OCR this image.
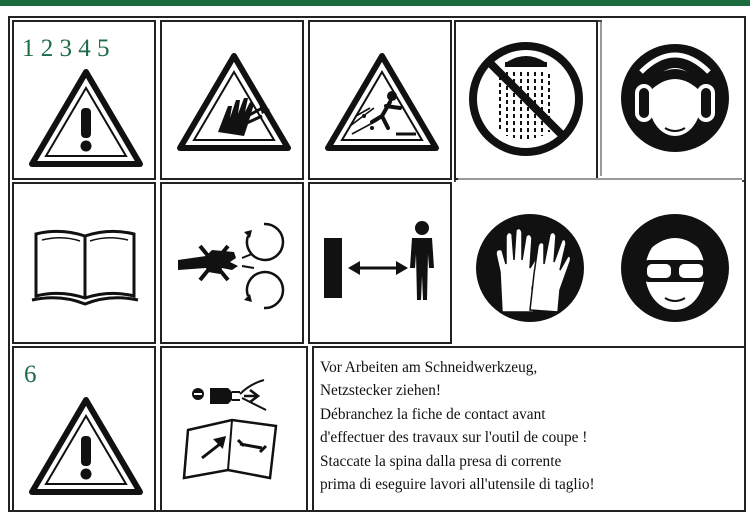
1 2 3 4 5
6	Vor Arbeiten am Schneidwerkzeug,

Netzstecker ziehen!

Débranchez la fiche de contact avant

d'effectuer des travaux sur l'outil de coupe !

Staccate la spina dalla presa di corrente

prima di eseguire lavori all'utensile di taglio!
